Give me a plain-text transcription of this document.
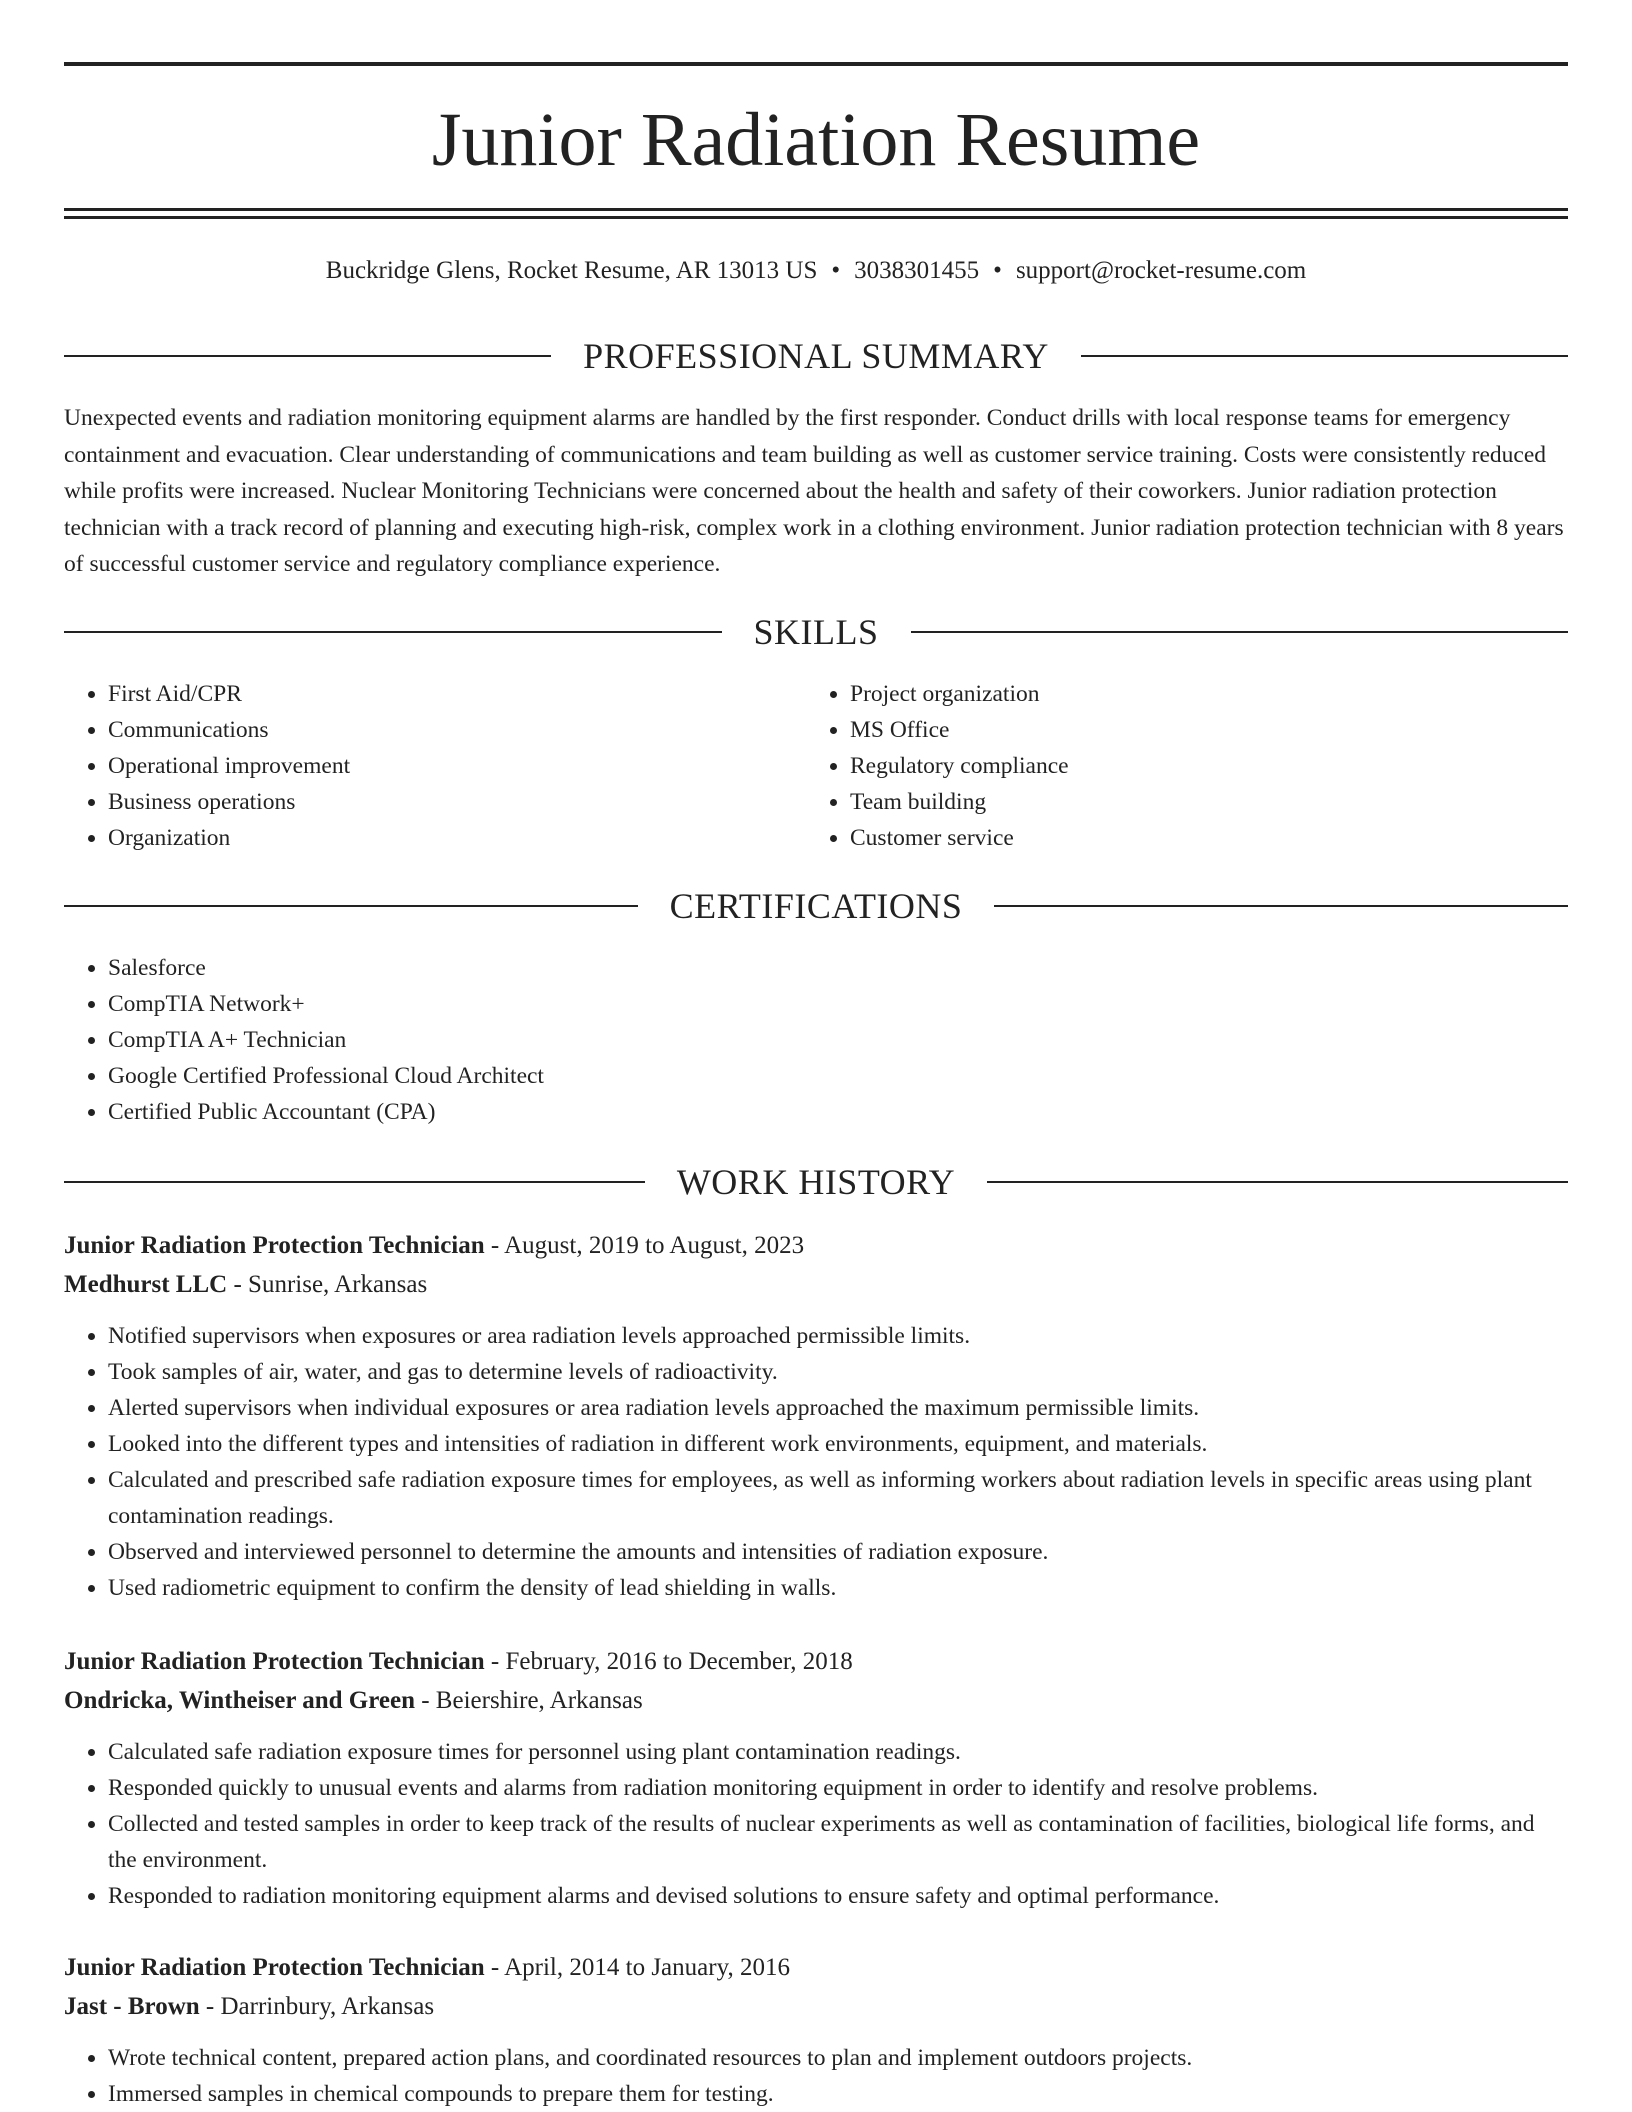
Junior Radiation Resume
Buckridge Glens, Rocket Resume, AR 13013 US • 3038301455 • support@rocket-resume.com
PROFESSIONAL SUMMARY

Unexpected events and radiation monitoring equipment alarms are handled by the first responder. Conduct drills with local response teams for emergency containment and evacuation. Clear understanding of communications and team building as well as customer service training. Costs were consistently reduced while profits were increased. Nuclear Monitoring Technicians were concerned about the health and safety of their coworkers. Junior radiation protection technician with a track record of planning and executing high-risk, complex work in a clothing environment. Junior radiation protection technician with 8 years of successful customer service and regulatory compliance experience.

SKILLS
• First Aid/CPR
• Communications
• Operational improvement
• Business operations
• Organization
• Project organization
• MS Office
• Regulatory compliance
• Team building
• Customer service
CERTIFICATIONS
• Salesforce
• CompTIA Network+
• CompTIA A+ Technician
• Google Certified Professional Cloud Architect
• Certified Public Accountant (CPA)
WORK HISTORY
Junior Radiation Protection Technician - August, 2019 to August, 2023
Medhurst LLC - Sunrise, Arkansas
• Notified supervisors when exposures or area radiation levels approached permissible limits.
• Took samples of air, water, and gas to determine levels of radioactivity.
• Alerted supervisors when individual exposures or area radiation levels approached the maximum permissible limits.
• Looked into the different types and intensities of radiation in different work environments, equipment, and materials.
• Calculated and prescribed safe radiation exposure times for employees, as well as informing workers about radiation levels in specific areas using plant contamination readings.
• Observed and interviewed personnel to determine the amounts and intensities of radiation exposure.
• Used radiometric equipment to confirm the density of lead shielding in walls.
Junior Radiation Protection Technician - February, 2016 to December, 2018
Ondricka, Wintheiser and Green - Beiershire, Arkansas
• Calculated safe radiation exposure times for personnel using plant contamination readings.
• Responded quickly to unusual events and alarms from radiation monitoring equipment in order to identify and resolve problems.
• Collected and tested samples in order to keep track of the results of nuclear experiments as well as contamination of facilities, biological life forms, and the environment.
• Responded to radiation monitoring equipment alarms and devised solutions to ensure safety and optimal performance.
Junior Radiation Protection Technician - April, 2014 to January, 2016
Jast - Brown - Darrinbury, Arkansas
• Wrote technical content, prepared action plans, and coordinated resources to plan and implement outdoors projects.
• Immersed samples in chemical compounds to prepare them for testing.
